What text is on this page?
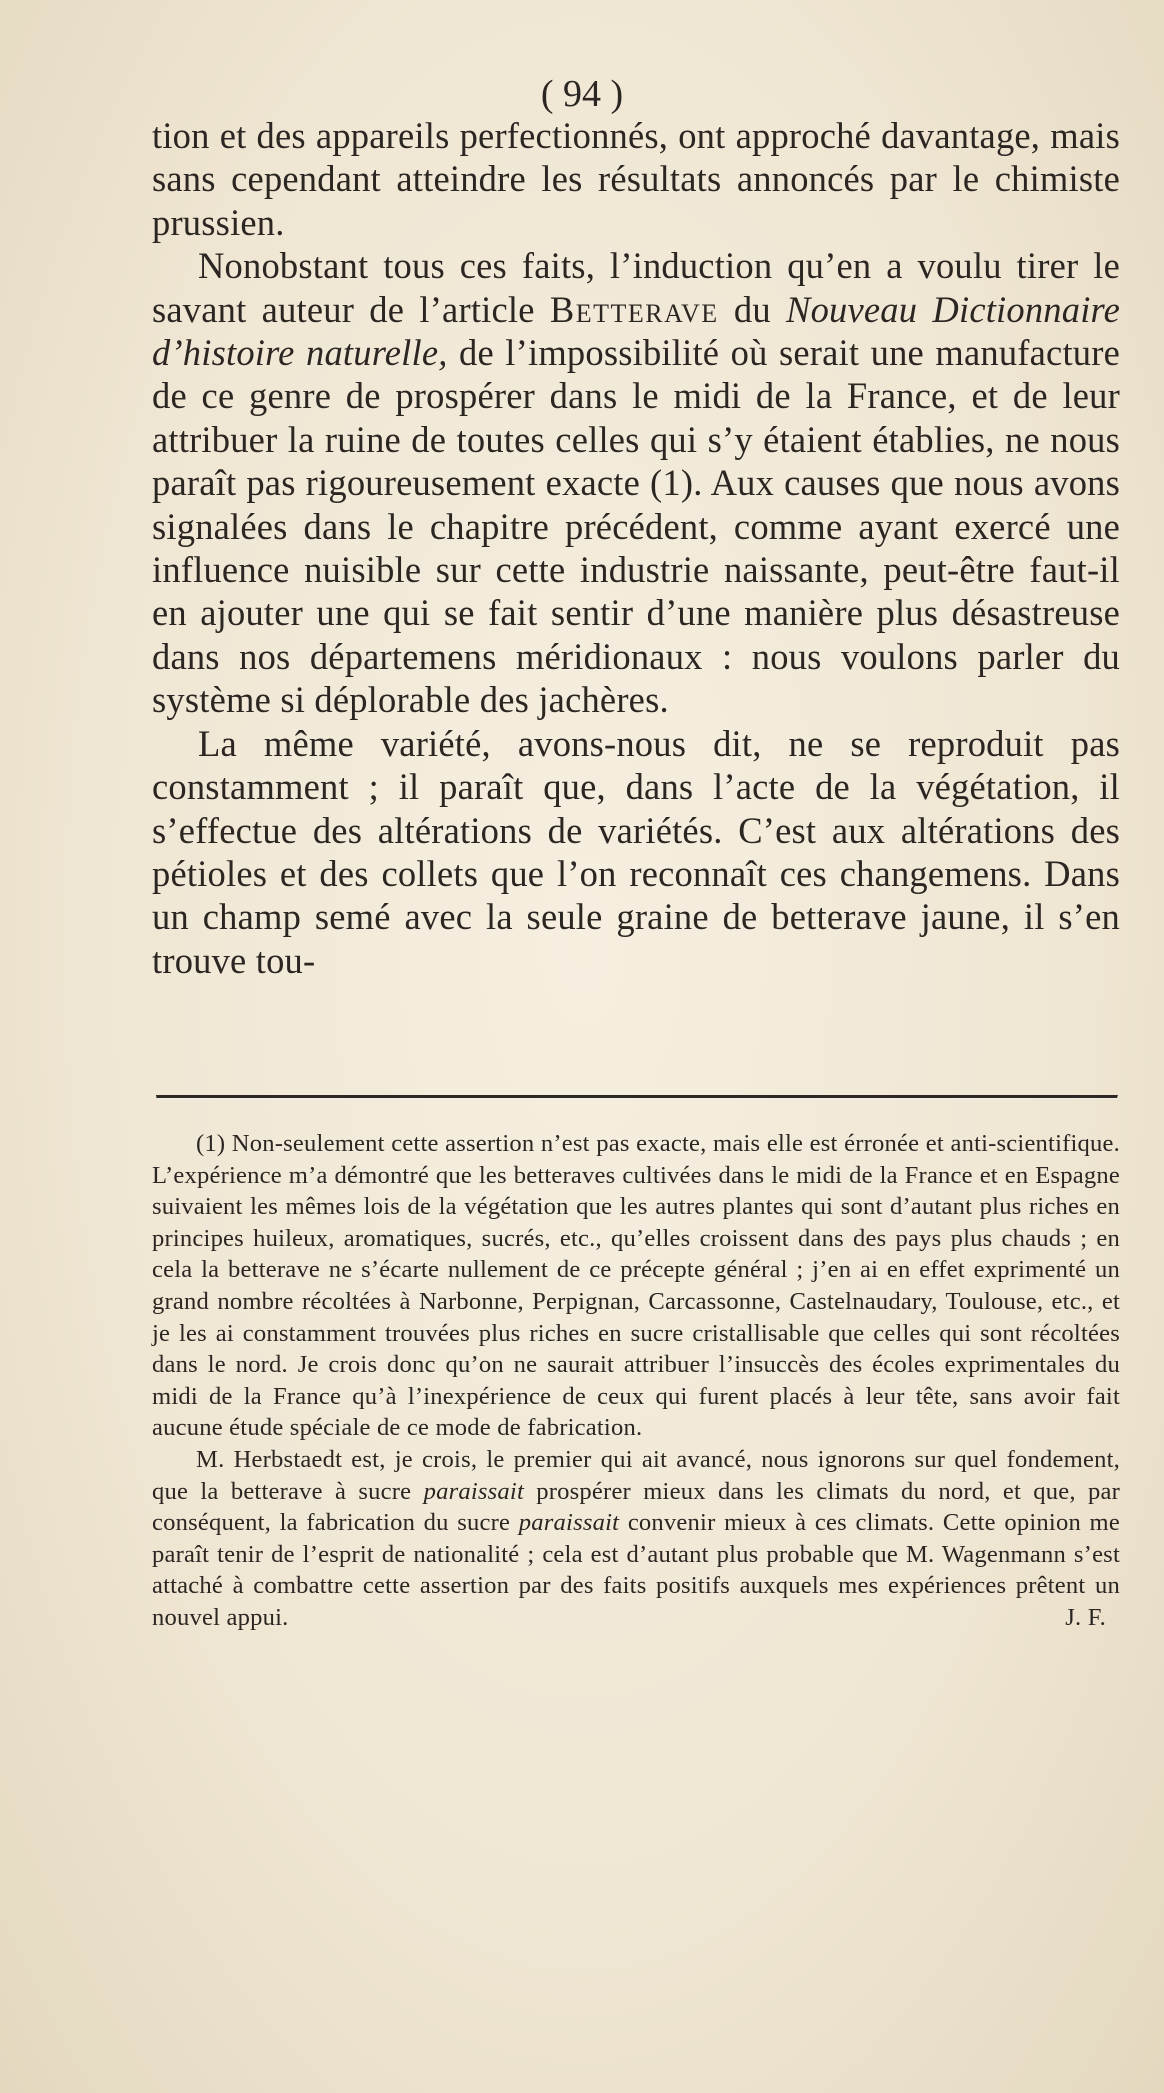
( 94 )

tion et des appareils perfectionnés, ont approché davantage, mais sans cependant atteindre les résultats annoncés par le chimiste prussien.

Nonobstant tous ces faits, l’induction qu’en a voulu tirer le savant auteur de l’article Betterave du Nouveau Dictionnaire d’histoire naturelle, de l’impossibilité où serait une manufacture de ce genre de prospérer dans le midi de la France, et de leur attribuer la ruine de toutes celles qui s’y étaient établies, ne nous paraît pas rigoureusement exacte (1). Aux causes que nous avons signalées dans le chapitre précédent, comme ayant exercé une influence nuisible sur cette industrie naissante, peut-être faut-il en ajouter une qui se fait sentir d’une manière plus désastreuse dans nos départemens méridionaux : nous voulons parler du système si déplorable des jachères.

La même variété, avons-nous dit, ne se reproduit pas constamment ; il paraît que, dans l’acte de la végétation, il s’effectue des altérations de variétés. C’est aux altérations des pétioles et des collets que l’on reconnaît ces changemens. Dans un champ semé avec la seule graine de betterave jaune, il s’en trouve tou-

(1) Non-seulement cette assertion n’est pas exacte, mais elle est érronée et anti-scientifique. L’expérience m’a démontré que les betteraves cultivées dans le midi de la France et en Espagne suivaient les mêmes lois de la végétation que les autres plantes qui sont d’autant plus riches en principes huileux, aromatiques, sucrés, etc., qu’elles croissent dans des pays plus chauds ; en cela la betterave ne s’écarte nullement de ce précepte général ; j’en ai en effet exprimenté un grand nombre récoltées à Narbonne, Perpignan, Carcassonne, Castelnaudary, Toulouse, etc., et je les ai constamment trouvées plus riches en sucre cristallisable que celles qui sont récoltées dans le nord. Je crois donc qu’on ne saurait attribuer l’insuccès des écoles exprimentales du midi de la France qu’à l’inexpérience de ceux qui furent placés à leur tête, sans avoir fait aucune étude spéciale de ce mode de fabrication.

M. Herbstaedt est, je crois, le premier qui ait avancé, nous ignorons sur quel fondement, que la betterave à sucre paraissait prospérer mieux dans les climats du nord, et que, par conséquent, la fabrication du sucre paraissait convenir mieux à ces climats. Cette opinion me paraît tenir de l’esprit de nationalité ; cela est d’autant plus probable que M. Wagenmann s’est attaché à combattre cette assertion par des faits positifs auxquels mes expériences prêtent un nouvel appui.	J. F.
